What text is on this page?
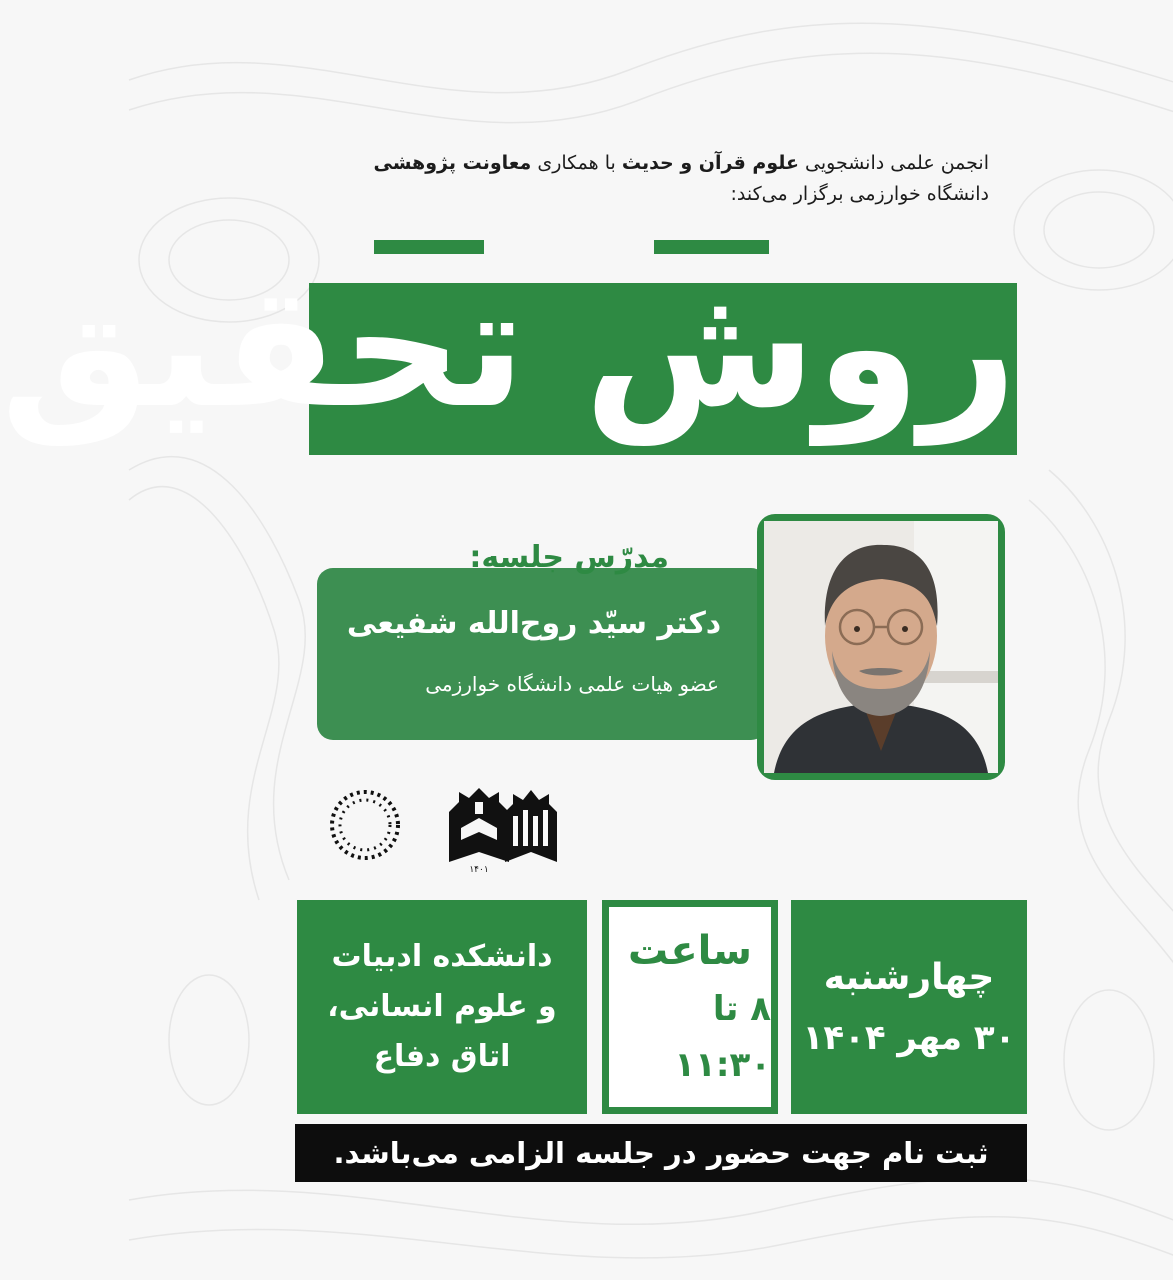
انجمن علمی دانشجویی علوم قرآن و حدیث با همکاری معاونت پژوهشی
دانشگاه خوارزمی برگزار می‌کند:
روش تحقیق
مدرّس جلسه:
دکتر سیّد روح‌الله شفیعی
عضو هیات علمی دانشگاه خوارزمی
۱۴۰۱
دانشکده ادبیات
و علوم انسانی،
اتاق دفاع
ساعت
۸ تا ۱۱:۳۰
چهارشنبه
۳۰ مهر ۱۴۰۴
ثبت نام جهت حضور در جلسه الزامی می‌باشد.
